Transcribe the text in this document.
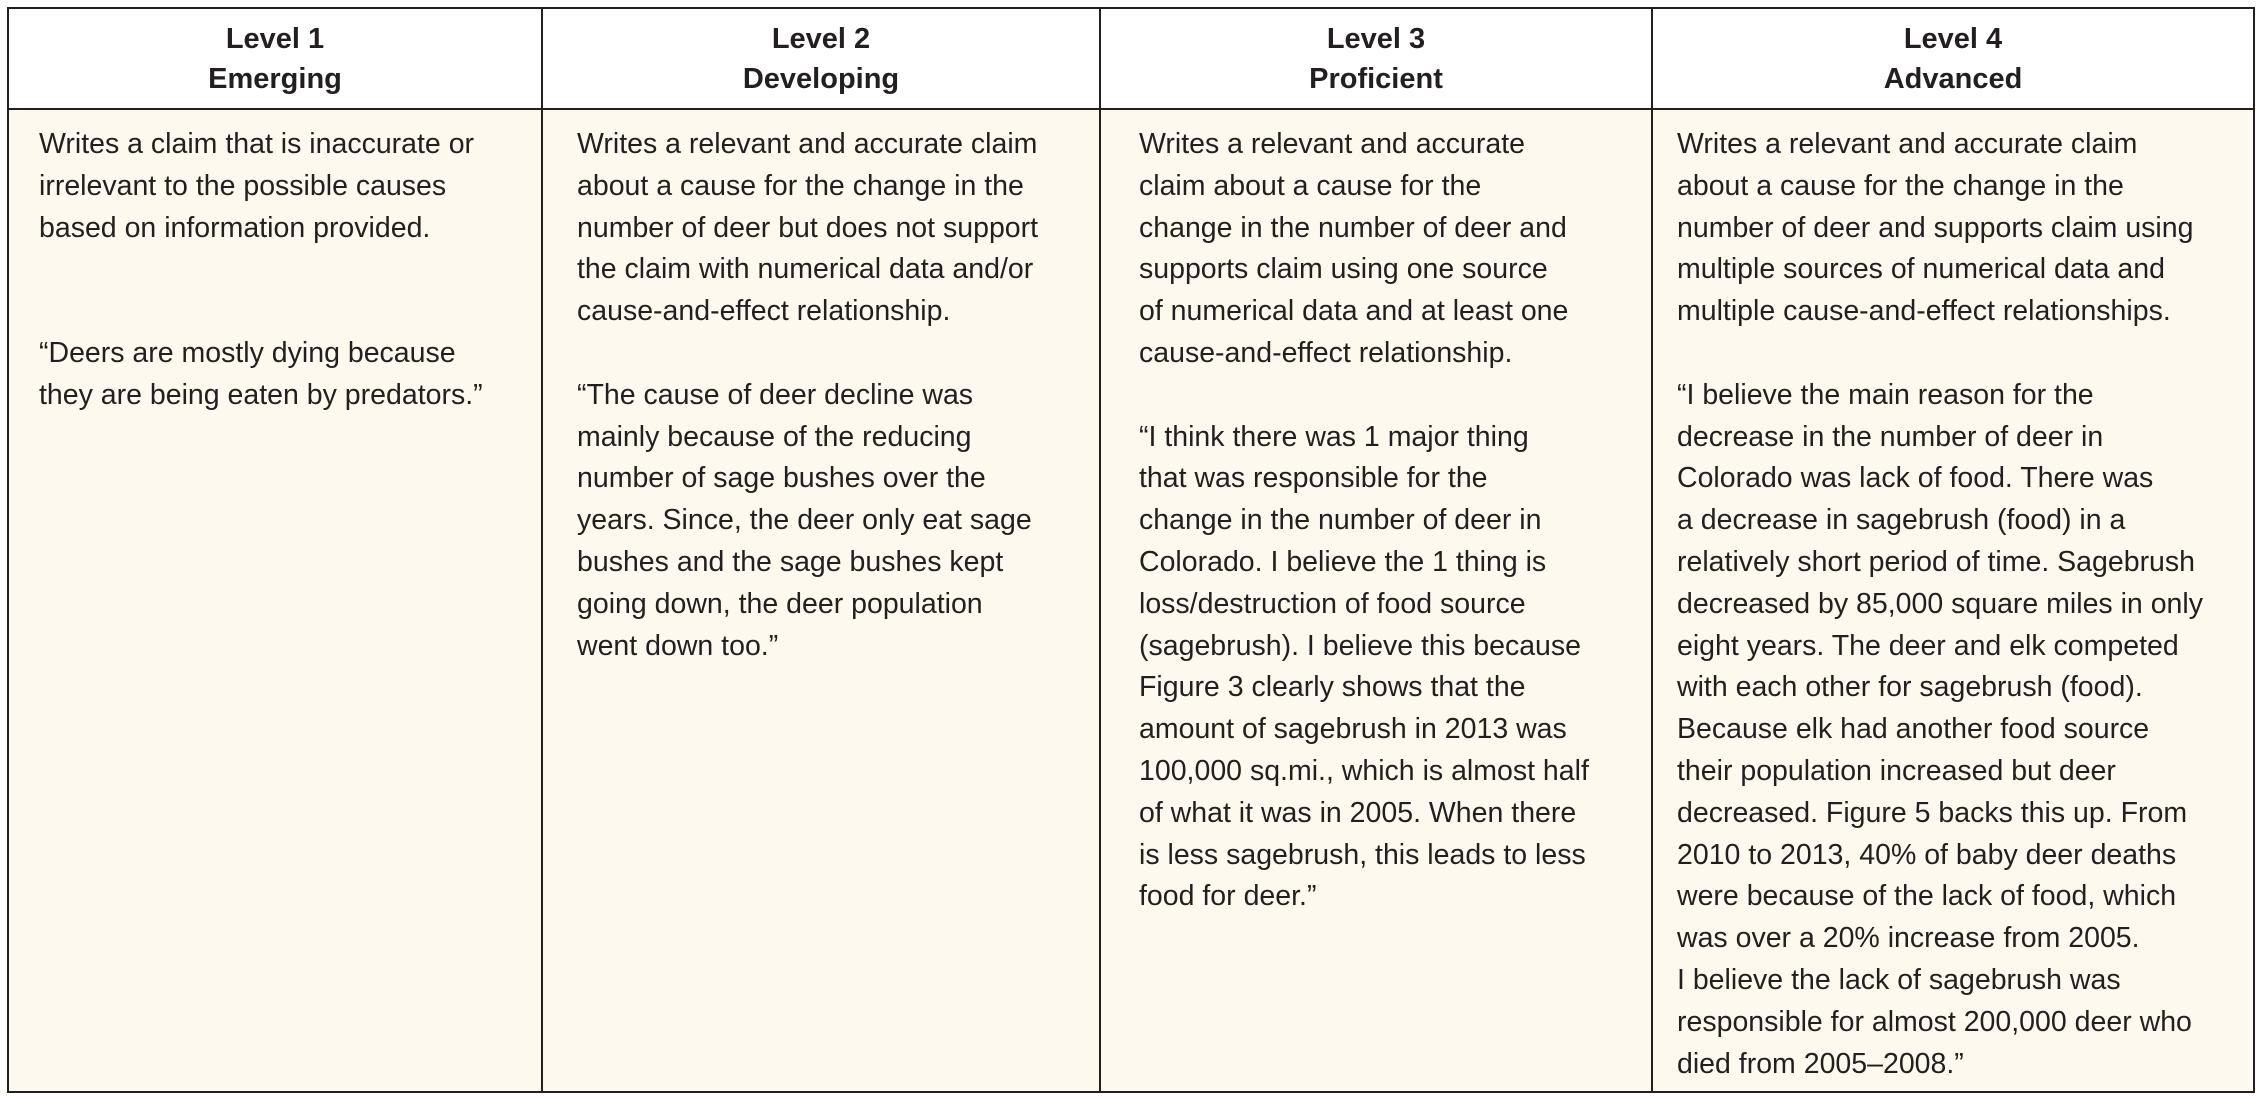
Level 1
Emerging
Level 2
Developing
Level 3
Proficient
Level 4
Advanced

Writes a claim that is inaccurate or
irrelevant to the possible causes
based on information provided.

“Deers are mostly dying because
they are being eaten by predators.”

Writes a relevant and accurate claim
about a cause for the change in the
number of deer but does not support
the claim with numerical data and/or
cause-and-effect relationship.

“The cause of deer decline was
mainly because of the reducing
number of sage bushes over the
years. Since, the deer only eat sage
bushes and the sage bushes kept
going down, the deer population
went down too.”

Writes a relevant and accurate
claim about a cause for the
change in the number of deer and
supports claim using one source
of numerical data and at least one
cause-and-effect relationship.

“I think there was 1 major thing
that was responsible for the
change in the number of deer in
Colorado. I believe the 1 thing is
loss/destruction of food source
(sagebrush). I believe this because
Figure 3 clearly shows that the
amount of sagebrush in 2013 was
100,000 sq.mi., which is almost half
of what it was in 2005. When there
is less sagebrush, this leads to less
food for deer.”

Writes a relevant and accurate claim
about a cause for the change in the
number of deer and supports claim using
multiple sources of numerical data and
multiple cause-and-effect relationships.

“I believe the main reason for the
decrease in the number of deer in
Colorado was lack of food. There was
a decrease in sagebrush (food) in a
relatively short period of time. Sagebrush
decreased by 85,000 square miles in only
eight years. The deer and elk competed
with each other for sagebrush (food).
Because elk had another food source
their population increased but deer
decreased. Figure 5 backs this up. From
2010 to 2013, 40% of baby deer deaths
were because of the lack of food, which
was over a 20% increase from 2005.
I believe the lack of sagebrush was
responsible for almost 200,000 deer who
died from 2005–2008.”
